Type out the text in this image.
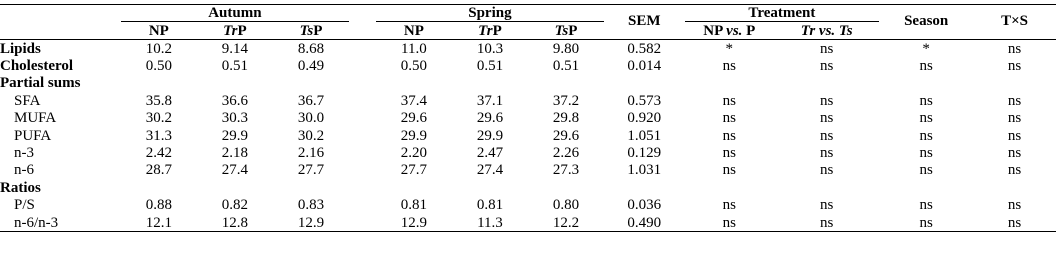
	Autumn				Spring				Treatment			
	NP	TrP	TsP		NP	TrP	TsP	SEM	NP vs. P	Tr vs. Ts	Season	T×S
Lipids	10.2	9.14	8.68		11.0	10.3	9.80	0.582	*	ns	*	ns
Cholesterol	0.50	0.51	0.49		0.50	0.51	0.51	0.014	ns	ns	ns	ns
Partial sums												
SFA	35.8	36.6	36.7		37.4	37.1	37.2	0.573	ns	ns	ns	ns
MUFA	30.2	30.3	30.0		29.6	29.6	29.8	0.920	ns	ns	ns	ns
PUFA	31.3	29.9	30.2		29.9	29.9	29.6	1.051	ns	ns	ns	ns
n-3	2.42	2.18	2.16		2.20	2.47	2.26	0.129	ns	ns	ns	ns
n-6	28.7	27.4	27.7		27.7	27.4	27.3	1.031	ns	ns	ns	ns
Ratios												
P/S	0.88	0.82	0.83		0.81	0.81	0.80	0.036	ns	ns	ns	ns
n-6/n-3	12.1	12.8	12.9		12.9	11.3	12.2	0.490	ns	ns	ns	ns
